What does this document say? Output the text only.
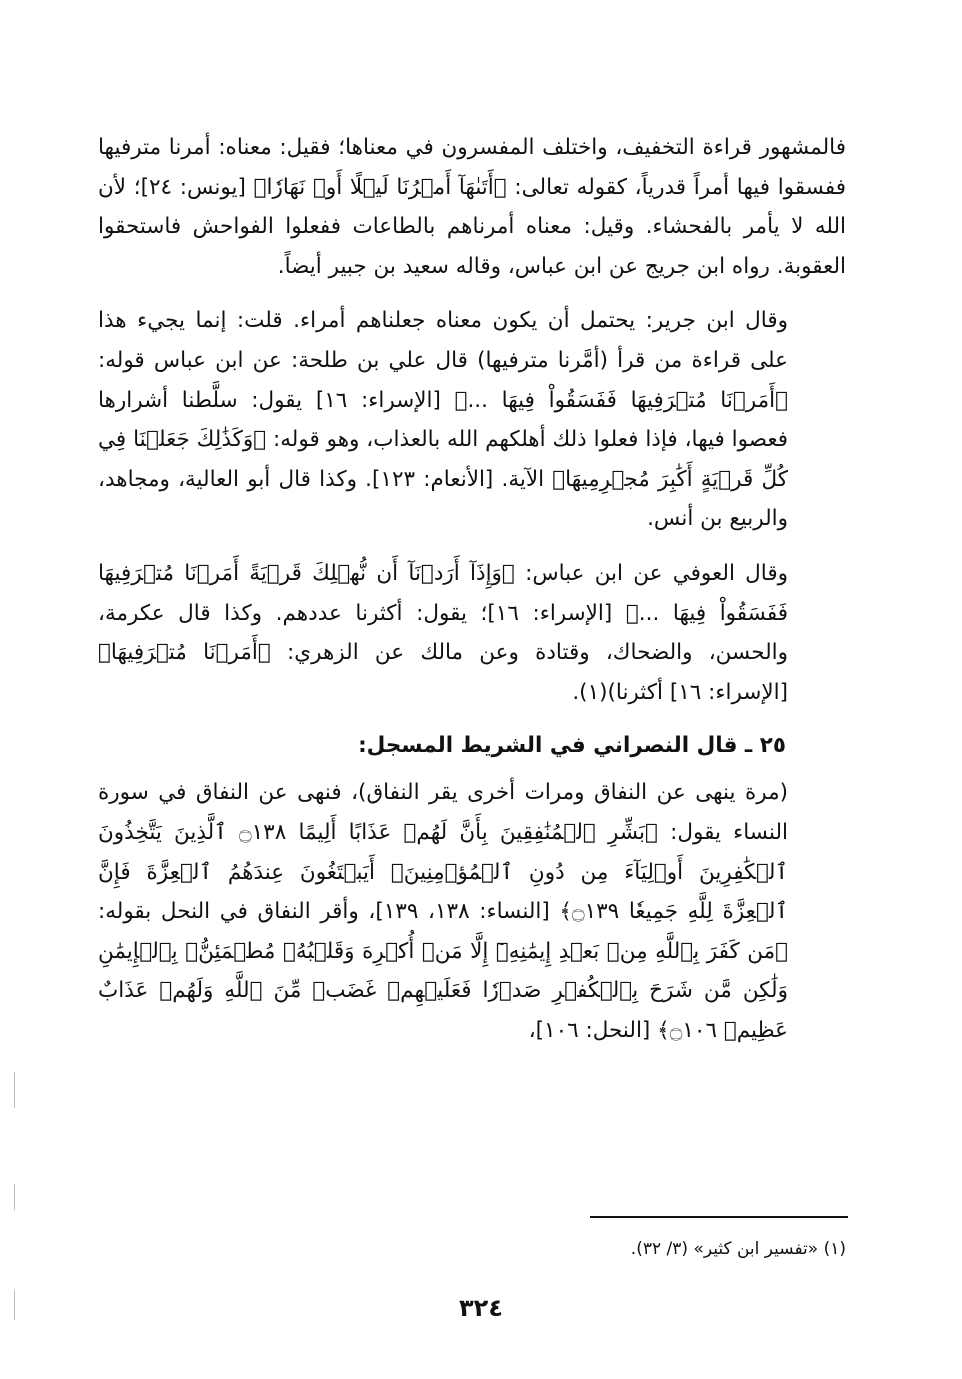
فالمشهور قراءة التخفيف، واختلف المفسرون في معناها؛ فقيل: معناه: أمرنا مترفيها ففسقوا فيها أمراً قدرياً، كقوله تعالى: ﴿أَتَىٰهَآ أَمۡرُنَا لَيۡلًا أَوۡ نَهَارٗا﴾ [يونس: ٢٤]؛ لأن الله لا يأمر بالفحشاء. وقيل: معناه أمرناهم بالطاعات ففعلوا الفواحش فاستحقوا العقوبة. رواه ابن جريج عن ابن عباس، وقاله سعيد بن جبير أيضاً.

وقال ابن جرير: يحتمل أن يكون معناه جعلناهم أمراء. قلت: إنما يجيء هذا على قراءة من قرأ (أمَّرنا مترفيها) قال علي بن طلحة: عن ابن عباس قوله: ﴿أَمَرۡنَا مُتۡرَفِيهَا فَفَسَقُواْ فِيهَا ...﴾ [الإسراء: ١٦] يقول: سلَّطنا أشرارها فعصوا فيها، فإذا فعلوا ذلك أهلكهم الله بالعذاب، وهو قوله: ﴿وَكَذَٰلِكَ جَعَلۡنَا فِي كُلِّ قَرۡيَةٍ أَكَٰبِرَ مُجۡرِمِيهَا﴾ الآية. [الأنعام: ١٢٣]. وكذا قال أبو العالية، ومجاهد، والربيع بن أنس.

وقال العوفي عن ابن عباس: ﴿وَإِذَآ أَرَدۡنَآ أَن نُّهۡلِكَ قَرۡيَةً أَمَرۡنَا مُتۡرَفِيهَا فَفَسَقُواْ فِيهَا ...﴾ [الإسراء: ١٦]؛ يقول: أكثرنا عددهم. وكذا قال عكرمة، والحسن، والضحاك، وقتادة وعن مالك عن الزهري: ﴿أَمَرۡنَا مُتۡرَفِيهَا﴾ [الإسراء: ١٦] أكثرنا)(١).

٢٥ ـ قال النصراني في الشريط المسجل:

(مرة ينهى عن النفاق ومرات أخرى يقر النفاق)، فنهى عن النفاق في سورة النساء يقول: ﴿بَشِّرِ ٱلۡمُنَٰفِقِينَ بِأَنَّ لَهُمۡ عَذَابًا أَلِيمًا ۝١٣٨ ٱلَّذِينَ يَتَّخِذُونَ ٱلۡكَٰفِرِينَ أَوۡلِيَآءَ مِن دُونِ ٱلۡمُؤۡمِنِينَۚ أَيَبۡتَغُونَ عِندَهُمُ ٱلۡعِزَّةَ فَإِنَّ ٱلۡعِزَّةَ لِلَّهِ جَمِيعٗا ۝١٣٩﴾ [النساء: ١٣٨، ١٣٩]، وأقر النفاق في النحل بقوله: ﴿مَن كَفَرَ بِٱللَّهِ مِنۢ بَعۡدِ إِيمَٰنِهِۦٓ إِلَّا مَنۡ أُكۡرِهَ وَقَلۡبُهُۥ مُطۡمَئِنُّۢ بِٱلۡإِيمَٰنِ وَلَٰكِن مَّن شَرَحَ بِٱلۡكُفۡرِ صَدۡرٗا فَعَلَيۡهِمۡ غَضَبٞ مِّنَ ٱللَّهِ وَلَهُمۡ عَذَابٌ عَظِيمٞ ۝١٠٦﴾ [النحل: ١٠٦]،

(١) «تفسير ابن كثير» (٣/ ٣٢).
٣٢٤
